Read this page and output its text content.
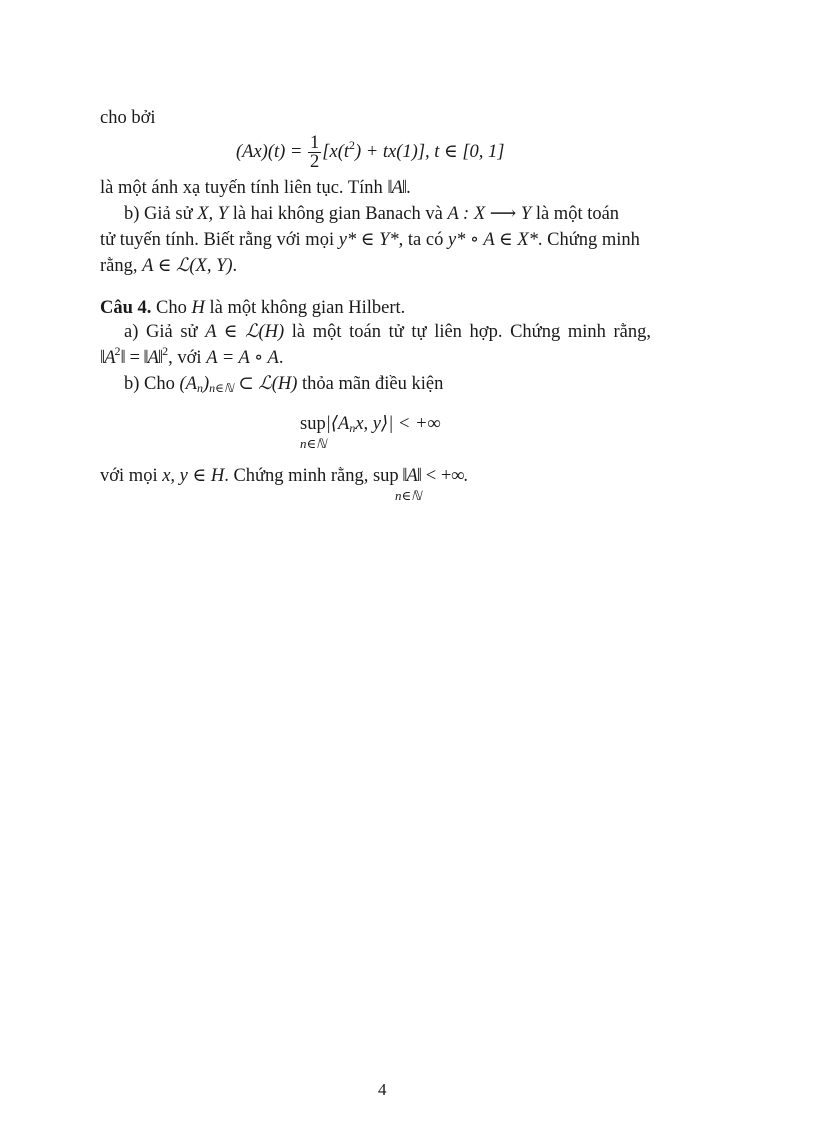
cho bởi
$(Ax)(t) = \frac{1}{2} [x(t^2) + tx(1)]$, t ∈ [0, 1]
là một ánh xạ tuyến tính liên tục. Tính ‖A‖.
b) Giả sử X, Y là hai không gian Banach và A : X ⟶ Y là một toán
tử tuyến tính. Biết rằng với mọi y* ∈ Y*, ta có y* ∘ A ∈ X*. Chứng minh
rằng, A ∈ ℒ(X, Y).
Câu 4. Cho H là một không gian Hilbert.
a) Giả sử A ∈ ℒ(H) là một toán tử tự liên hợp. Chứng minh rằng,
$‖A^2‖$ = ‖A‖$^2$, với A = A ∘ A.
b) Cho (An)n∈ℕ ⊂ ℒ(H) thỏa mãn điều kiện
sup|⟨Anx, y⟩| < +∞
n∈ℕ
với mọi x, y ∈ H. Chứng minh rằng, sup ‖A‖ < +∞.
n∈ℕ
4
